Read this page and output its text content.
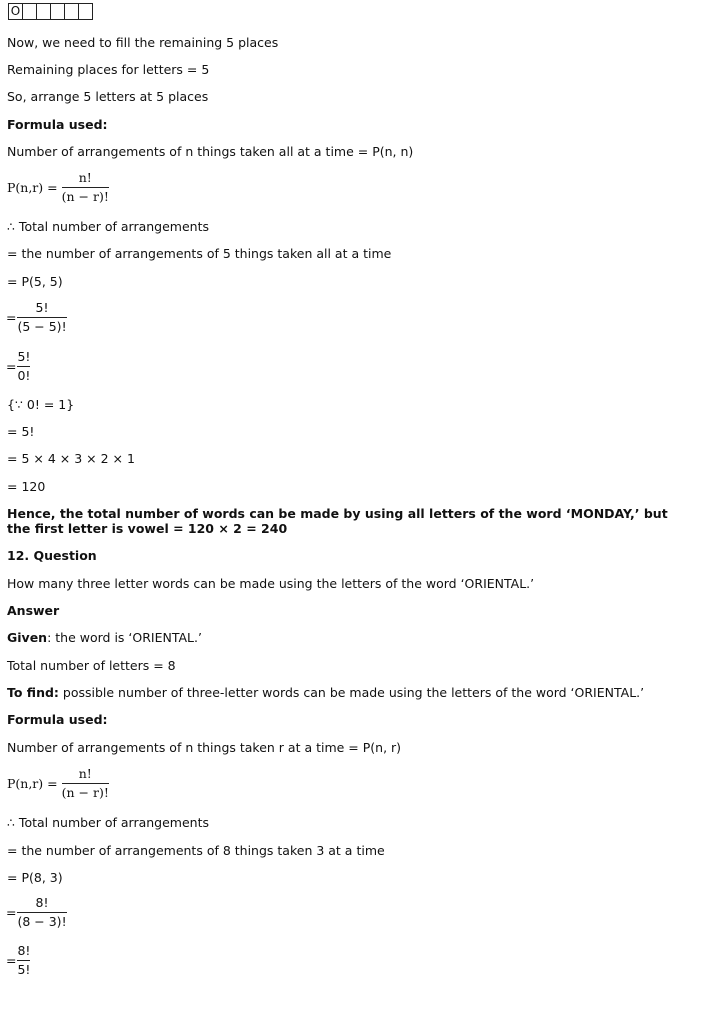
O
Now, we need to fill the remaining 5 places
Remaining places for letters = 5
So, arrange 5 letters at 5 places
Formula used:
Number of arrangements of n things taken all at a time = P(n, n)
$P(n,r) = \frac{n!}{(n - r)!}$
∴ Total number of arrangements
= the number of arrangements of 5 things taken all at a time
= P(5, 5)
= $\frac{5!}{(5 - 5)!}$
= $\frac{5!}{0!}$
{∵ 0! = 1}
= 5!
= 5 × 4 × 3 × 2 × 1
= 120
Hence, the total number of words can be made by using all letters of the word ‘MONDAY,’ but
the first letter is vowel = 120 × 2 = 240
12. Question
How many three letter words can be made using the letters of the word ‘ORIENTAL.’
Answer
Given: the word is ‘ORIENTAL.’
Total number of letters = 8
To find: possible number of three-letter words can be made using the letters of the word ‘ORIENTAL.’
Formula used:
Number of arrangements of n things taken r at a time = P(n, r)
$P(n,r) = \frac{n!}{(n - r)!}$
∴ Total number of arrangements
= the number of arrangements of 8 things taken 3 at a time
= P(8, 3)
= $\frac{8!}{(8 - 3)!}$
= $\frac{8!}{5!}$
